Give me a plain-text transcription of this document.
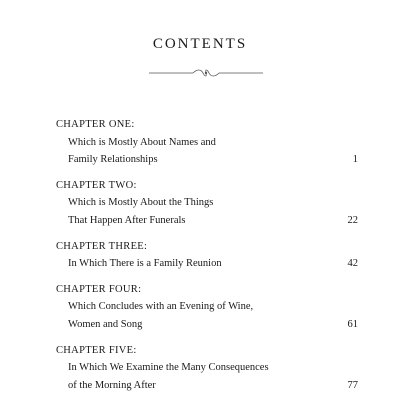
CONTENTS
CHAPTER ONE:
Which is Mostly About Names and
Family Relationships	1
CHAPTER TWO:
Which is Mostly About the Things
That Happen After Funerals	22
CHAPTER THREE:
In Which There is a Family Reunion	42
CHAPTER FOUR:
Which Concludes with an Evening of Wine,
Women and Song	61
CHAPTER FIVE:
In Which We Examine the Many Consequences
of the Morning After	77
